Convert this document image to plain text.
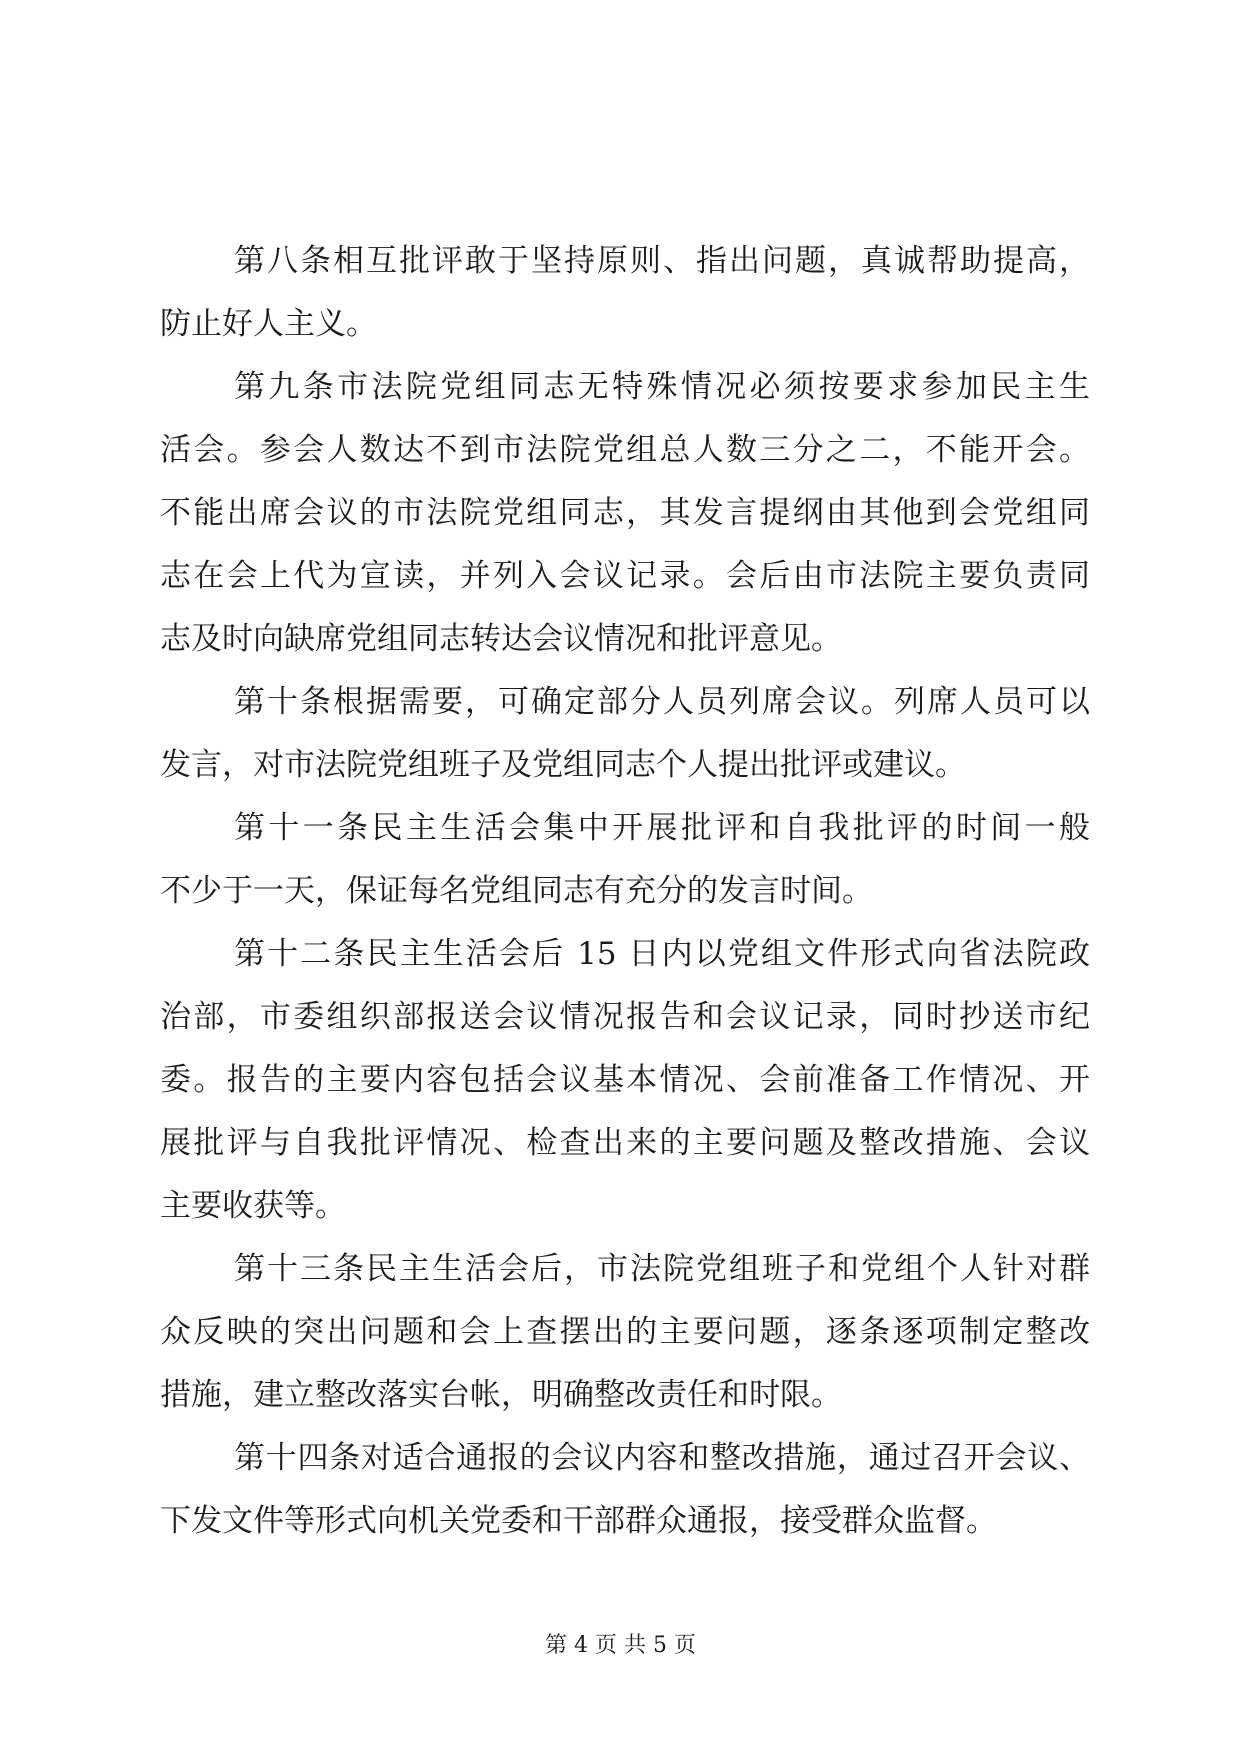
第八条相互批评敢于坚持原则、指出问题，真诚帮助提高，
防止好人主义。
第九条市法院党组同志无特殊情况必须按要求参加民主生
活会。参会人数达不到市法院党组总人数三分之二，不能开会。
不能出席会议的市法院党组同志，其发言提纲由其他到会党组同
志在会上代为宣读，并列入会议记录。会后由市法院主要负责同
志及时向缺席党组同志转达会议情况和批评意见。
第十条根据需要，可确定部分人员列席会议。列席人员可以
发言，对市法院党组班子及党组同志个人提出批评或建议。
第十一条民主生活会集中开展批评和自我批评的时间一般
不少于一天，保证每名党组同志有充分的发言时间。
第十二条民主生活会后 15 日内以党组文件形式向省法院政
治部，市委组织部报送会议情况报告和会议记录，同时抄送市纪
委。报告的主要内容包括会议基本情况、会前准备工作情况、开
展批评与自我批评情况、检查出来的主要问题及整改措施、会议
主要收获等。
第十三条民主生活会后，市法院党组班子和党组个人针对群
众反映的突出问题和会上查摆出的主要问题，逐条逐项制定整改
措施，建立整改落实台帐，明确整改责任和时限。
第十四条对适合通报的会议内容和整改措施，通过召开会议、
下发文件等形式向机关党委和干部群众通报，接受群众监督。
第 4 页 共 5 页
